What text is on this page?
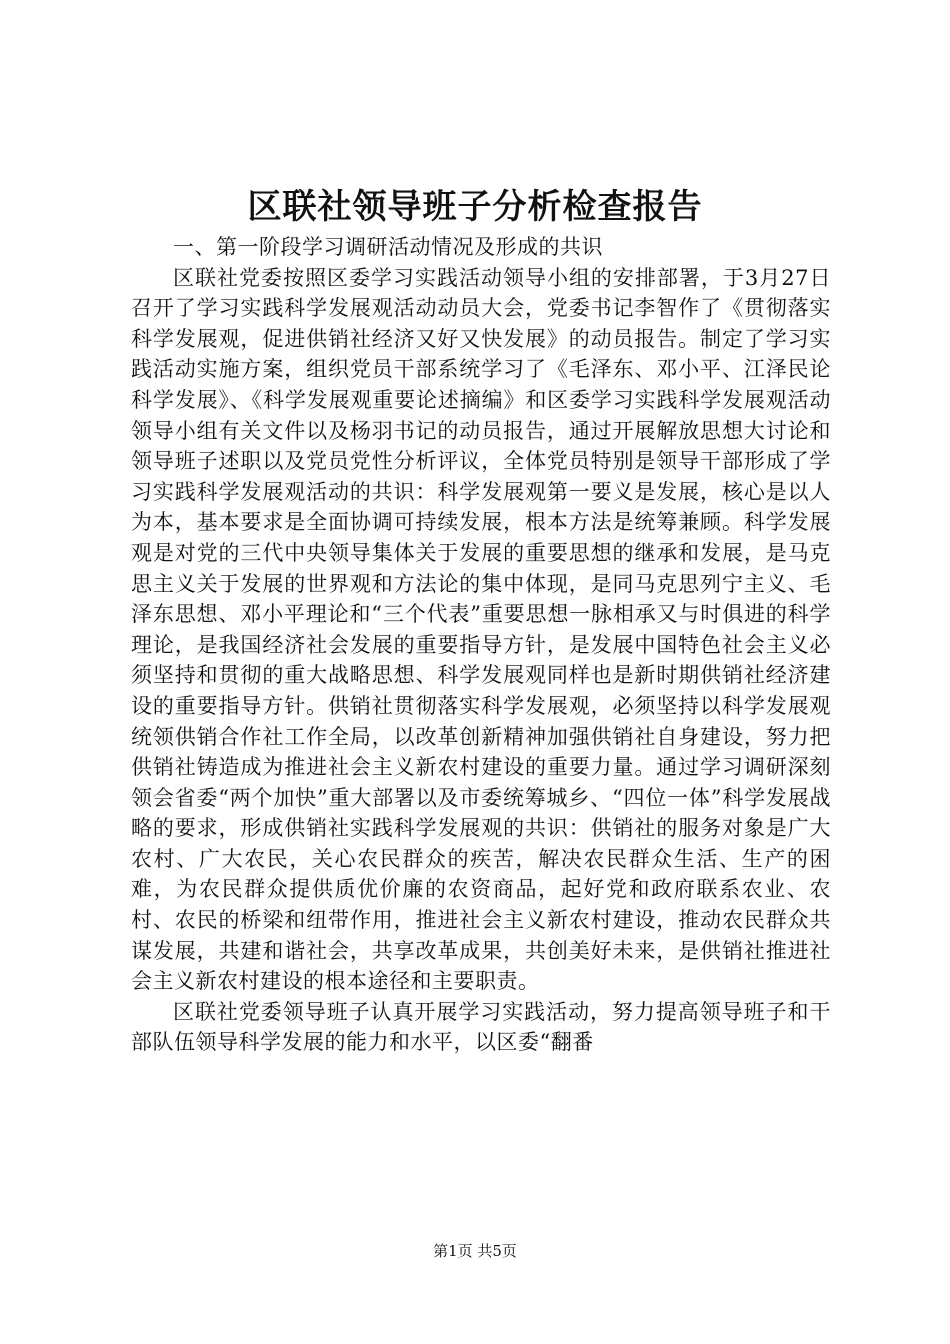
区联社领导班子分析检查报告

一、第一阶段学习调研活动情况及形成的共识

区联社党委按照区委学习实践活动领导小组的安排部署，于3月27日召开了学习实践科学发展观活动动员大会，党委书记李智作了《贯彻落实科学发展观，促进供销社经济又好又快发展》的动员报告。制定了学习实践活动实施方案，组织党员干部系统学习了《毛泽东、邓小平、江泽民论科学发展》、《科学发展观重要论述摘编》和区委学习实践科学发展观活动领导小组有关文件以及杨羽书记的动员报告，通过开展解放思想大讨论和领导班子述职以及党员党性分析评议，全体党员特别是领导干部形成了学习实践科学发展观活动的共识：科学发展观第一要义是发展，核心是以人为本，基本要求是全面协调可持续发展，根本方法是统筹兼顾。科学发展观是对党的三代中央领导集体关于发展的重要思想的继承和发展，是马克思主义关于发展的世界观和方法论的集中体现，是同马克思列宁主义、毛泽东思想、邓小平理论和“三个代表”重要思想一脉相承又与时俱进的科学理论，是我国经济社会发展的重要指导方针，是发展中国特色社会主义必须坚持和贯彻的重大战略思想、科学发展观同样也是新时期供销社经济建设的重要指导方针。供销社贯彻落实科学发展观，必须坚持以科学发展观统领供销合作社工作全局，以改革创新精神加强供销社自身建设，努力把供销社铸造成为推进社会主义新农村建设的重要力量。通过学习调研深刻领会省委“两个加快”重大部署以及市委统筹城乡、“四位一体”科学发展战略的要求，形成供销社实践科学发展观的共识：供销社的服务对象是广大农村、广大农民，关心农民群众的疾苦，解决农民群众生活、生产的困难，为农民群众提供质优价廉的农资商品，起好党和政府联系农业、农村、农民的桥梁和纽带作用，推进社会主义新农村建设，推动农民群众共谋发展，共建和谐社会，共享改革成果，共创美好未来，是供销社推进社会主义新农村建设的根本途径和主要职责。

区联社党委领导班子认真开展学习实践活动，努力提高领导班子和干部队伍领导科学发展的能力和水平，以区委“翻番

第1页 共5页
